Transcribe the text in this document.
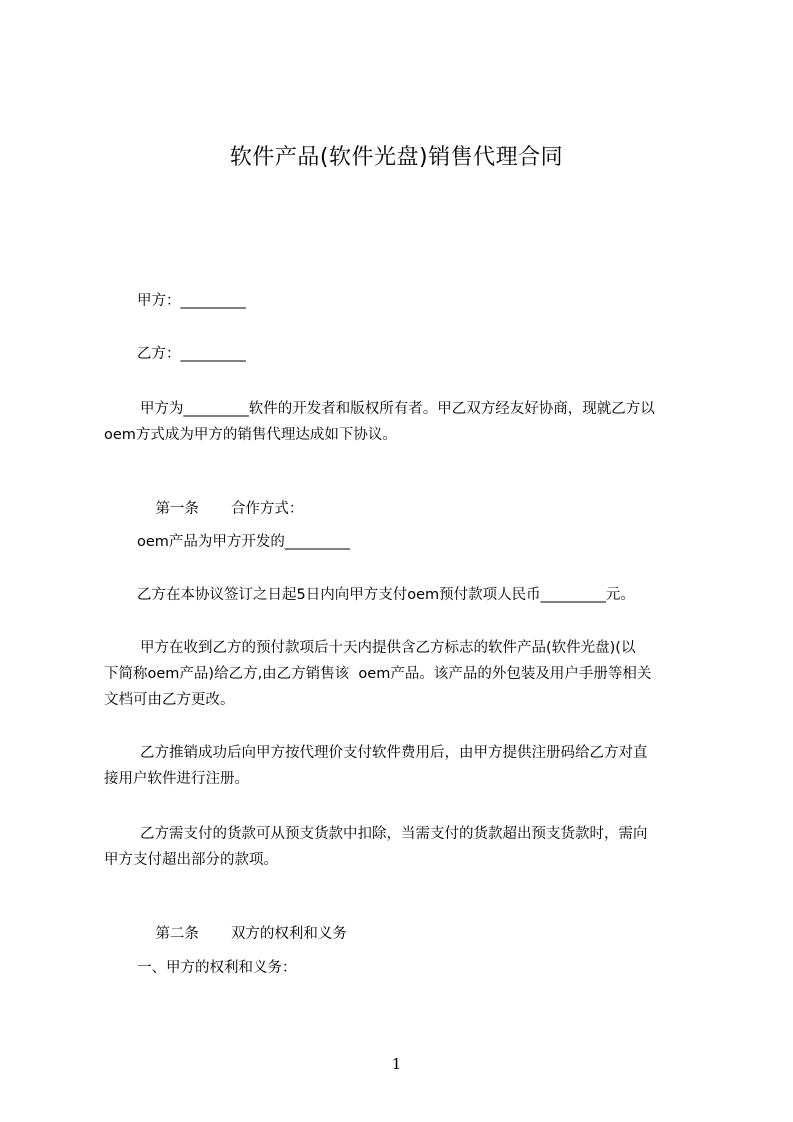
软件产品(软件光盘)销售代理合同
甲方：_________
乙方：_________
甲方为_________软件的开发者和版权所有者。甲乙双方经友好协商，现就乙方以
oem方式成为甲方的销售代理达成如下协议。

第一条 合作方式：

oem产品为甲方开发的_________
乙方在本协议签订之日起5日内向甲方支付oem预付款项人民币_________元。
甲方在收到乙方的预付款项后十天内提供含乙方标志的软件产品(软件光盘)(以
下简称oem产品)给乙方,由乙方销售该  oem产品。该产品的外包装及用户手册等相关
文档可由乙方更改。
乙方推销成功后向甲方按代理价支付软件费用后，由甲方提供注册码给乙方对直
接用户软件进行注册。
乙方需支付的货款可从预支货款中扣除，当需支付的货款超出预支货款时，需向
甲方支付超出部分的款项。

第二条 双方的权利和义务

一、甲方的权利和义务：
1
